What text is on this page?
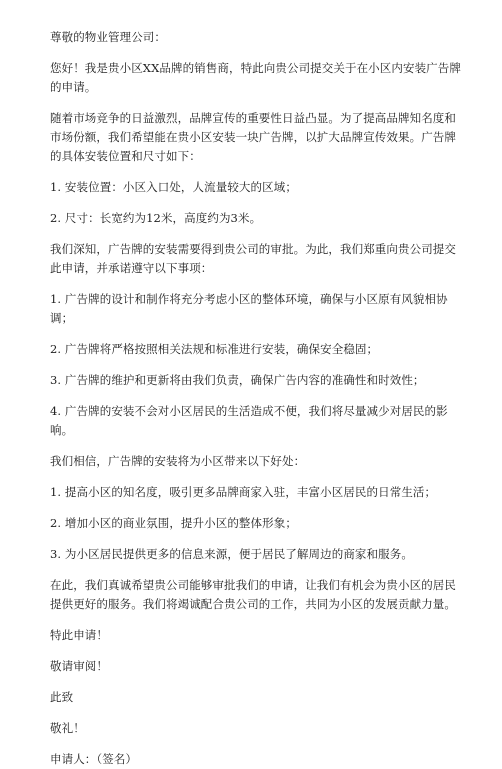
尊敬的物业管理公司：

您好！我是贵小区XX品牌的销售商，特此向贵公司提交关于在小区内安装广告牌的申请。

随着市场竞争的日益激烈，品牌宣传的重要性日益凸显。为了提高品牌知名度和市场份额，我们希望能在贵小区安装一块广告牌，以扩大品牌宣传效果。广告牌的具体安装位置和尺寸如下：

1. 安装位置：小区入口处，人流量较大的区域；

2. 尺寸：长宽约为12米，高度约为3米。

我们深知，广告牌的安装需要得到贵公司的审批。为此，我们郑重向贵公司提交此申请，并承诺遵守以下事项：

1. 广告牌的设计和制作将充分考虑小区的整体环境，确保与小区原有风貌相协调；

2. 广告牌将严格按照相关法规和标准进行安装，确保安全稳固；

3. 广告牌的维护和更新将由我们负责，确保广告内容的准确性和时效性；

4. 广告牌的安装不会对小区居民的生活造成不便，我们将尽量减少对居民的影响。

我们相信，广告牌的安装将为小区带来以下好处：

1. 提高小区的知名度，吸引更多品牌商家入驻，丰富小区居民的日常生活；

2. 增加小区的商业氛围，提升小区的整体形象；

3. 为小区居民提供更多的信息来源，便于居民了解周边的商家和服务。

在此，我们真诚希望贵公司能够审批我们的申请，让我们有机会为贵小区的居民提供更好的服务。我们将竭诚配合贵公司的工作，共同为小区的发展贡献力量。

特此申请！

敬请审阅！

此致

敬礼！

申请人：（签名）
